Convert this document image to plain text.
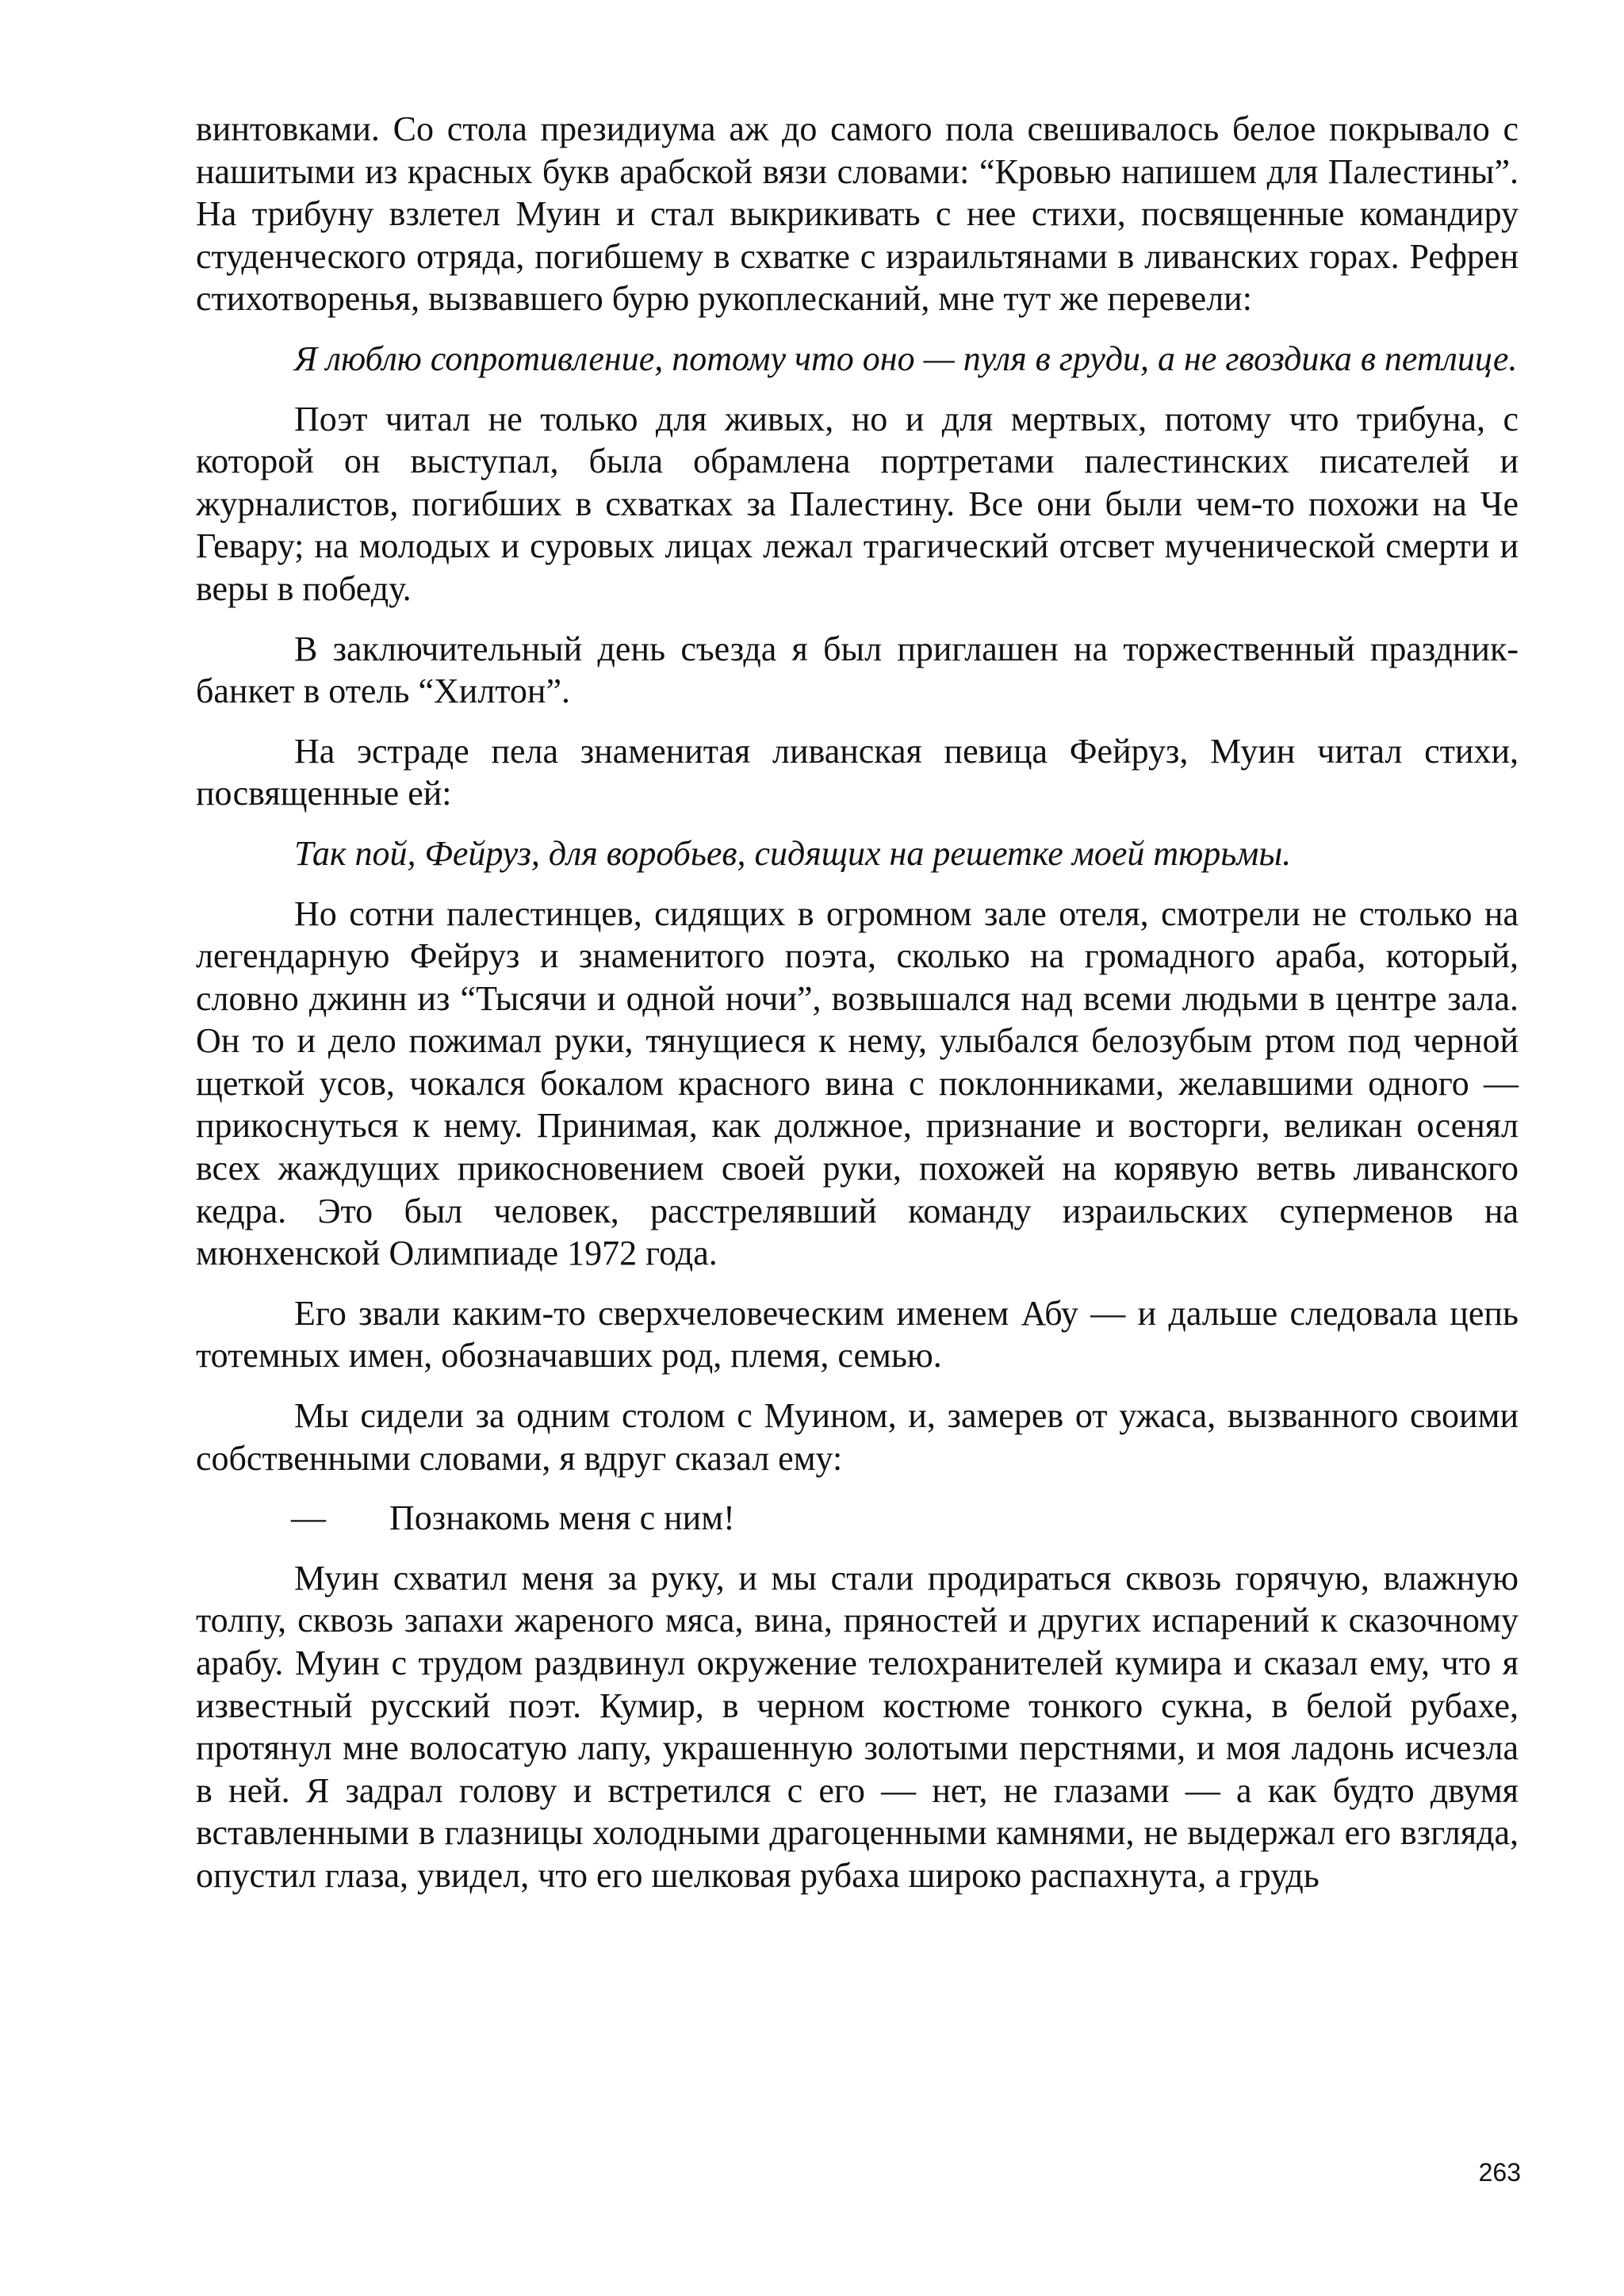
винтовками. Со стола президиума аж до самого пола свешивалось белое покрывало с нашитыми из красных букв арабской вязи словами: “Кровью напишем для Палестины”. На трибуну взлетел Муин и стал выкрикивать с нее стихи, посвященные командиру студенческого отряда, погибшему в схватке с израильтянами в ливанских горах. Рефрен стихотворенья, вызвавшего бурю рукоплесканий, мне тут же перевели:

Я люблю сопротивление, потому что оно — пуля в груди, а не гвоздика в петлице.

Поэт читал не только для живых, но и для мертвых, потому что трибуна, с которой он выступал, была обрамлена портретами палестинских писателей и журналистов, погибших в схватках за Палестину. Все они были чем-то похожи на Че Гевару; на молодых и суровых лицах лежал трагический отсвет мученической смерти и веры в победу.

В заключительный день съезда я был приглашен на торжественный праздник-банкет в отель “Хилтон”.

На эстраде пела знаменитая ливанская певица Фейруз, Муин читал стихи, посвященные ей:

Так пой, Фейруз, для воробьев, сидящих на решетке моей тюрьмы.

Но сотни палестинцев, сидящих в огромном зале отеля, смотрели не столько на легендарную Фейруз и знаменитого поэта, сколько на громадного араба, который, словно джинн из “Тысячи и одной ночи”, возвышался над всеми людьми в центре зала. Он то и дело пожимал руки, тянущиеся к нему, улыбался белозубым ртом под черной щеткой усов, чокался бокалом красного вина с поклонниками, желавшими одного — прикоснуться к нему. Принимая, как должное, признание и восторги, великан осенял всех жаждущих прикосновением своей руки, похожей на корявую ветвь ливанского кедра. Это был человек, расстрелявший команду израильских суперменов на мюнхенской Олимпиаде 1972 года.

Его звали каким-то сверхчеловеческим именем Абу — и дальше следовала цепь тотемных имен, обозначавших род, племя, семью.

Мы сидели за одним столом с Муином, и, замерев от ужаса, вызванного своими собственными словами, я вдруг сказал ему:

— Познакомь меня с ним!

Муин схватил меня за руку, и мы стали продираться сквозь горячую, влажную толпу, сквозь запахи жареного мяса, вина, пряностей и других испарений к сказочному арабу. Муин с трудом раздвинул окружение телохранителей кумира и сказал ему, что я известный русский поэт. Кумир, в черном костюме тонкого сукна, в белой рубахе, протянул мне волосатую лапу, украшенную золотыми перстнями, и моя ладонь исчезла в ней. Я задрал голову и встретился с его — нет, не глазами — а как будто двумя вставленными в глазницы холодными драгоценными камнями, не выдержал его взгляда, опустил глаза, увидел, что его шелковая рубаха широко распахнута, а грудь

263
